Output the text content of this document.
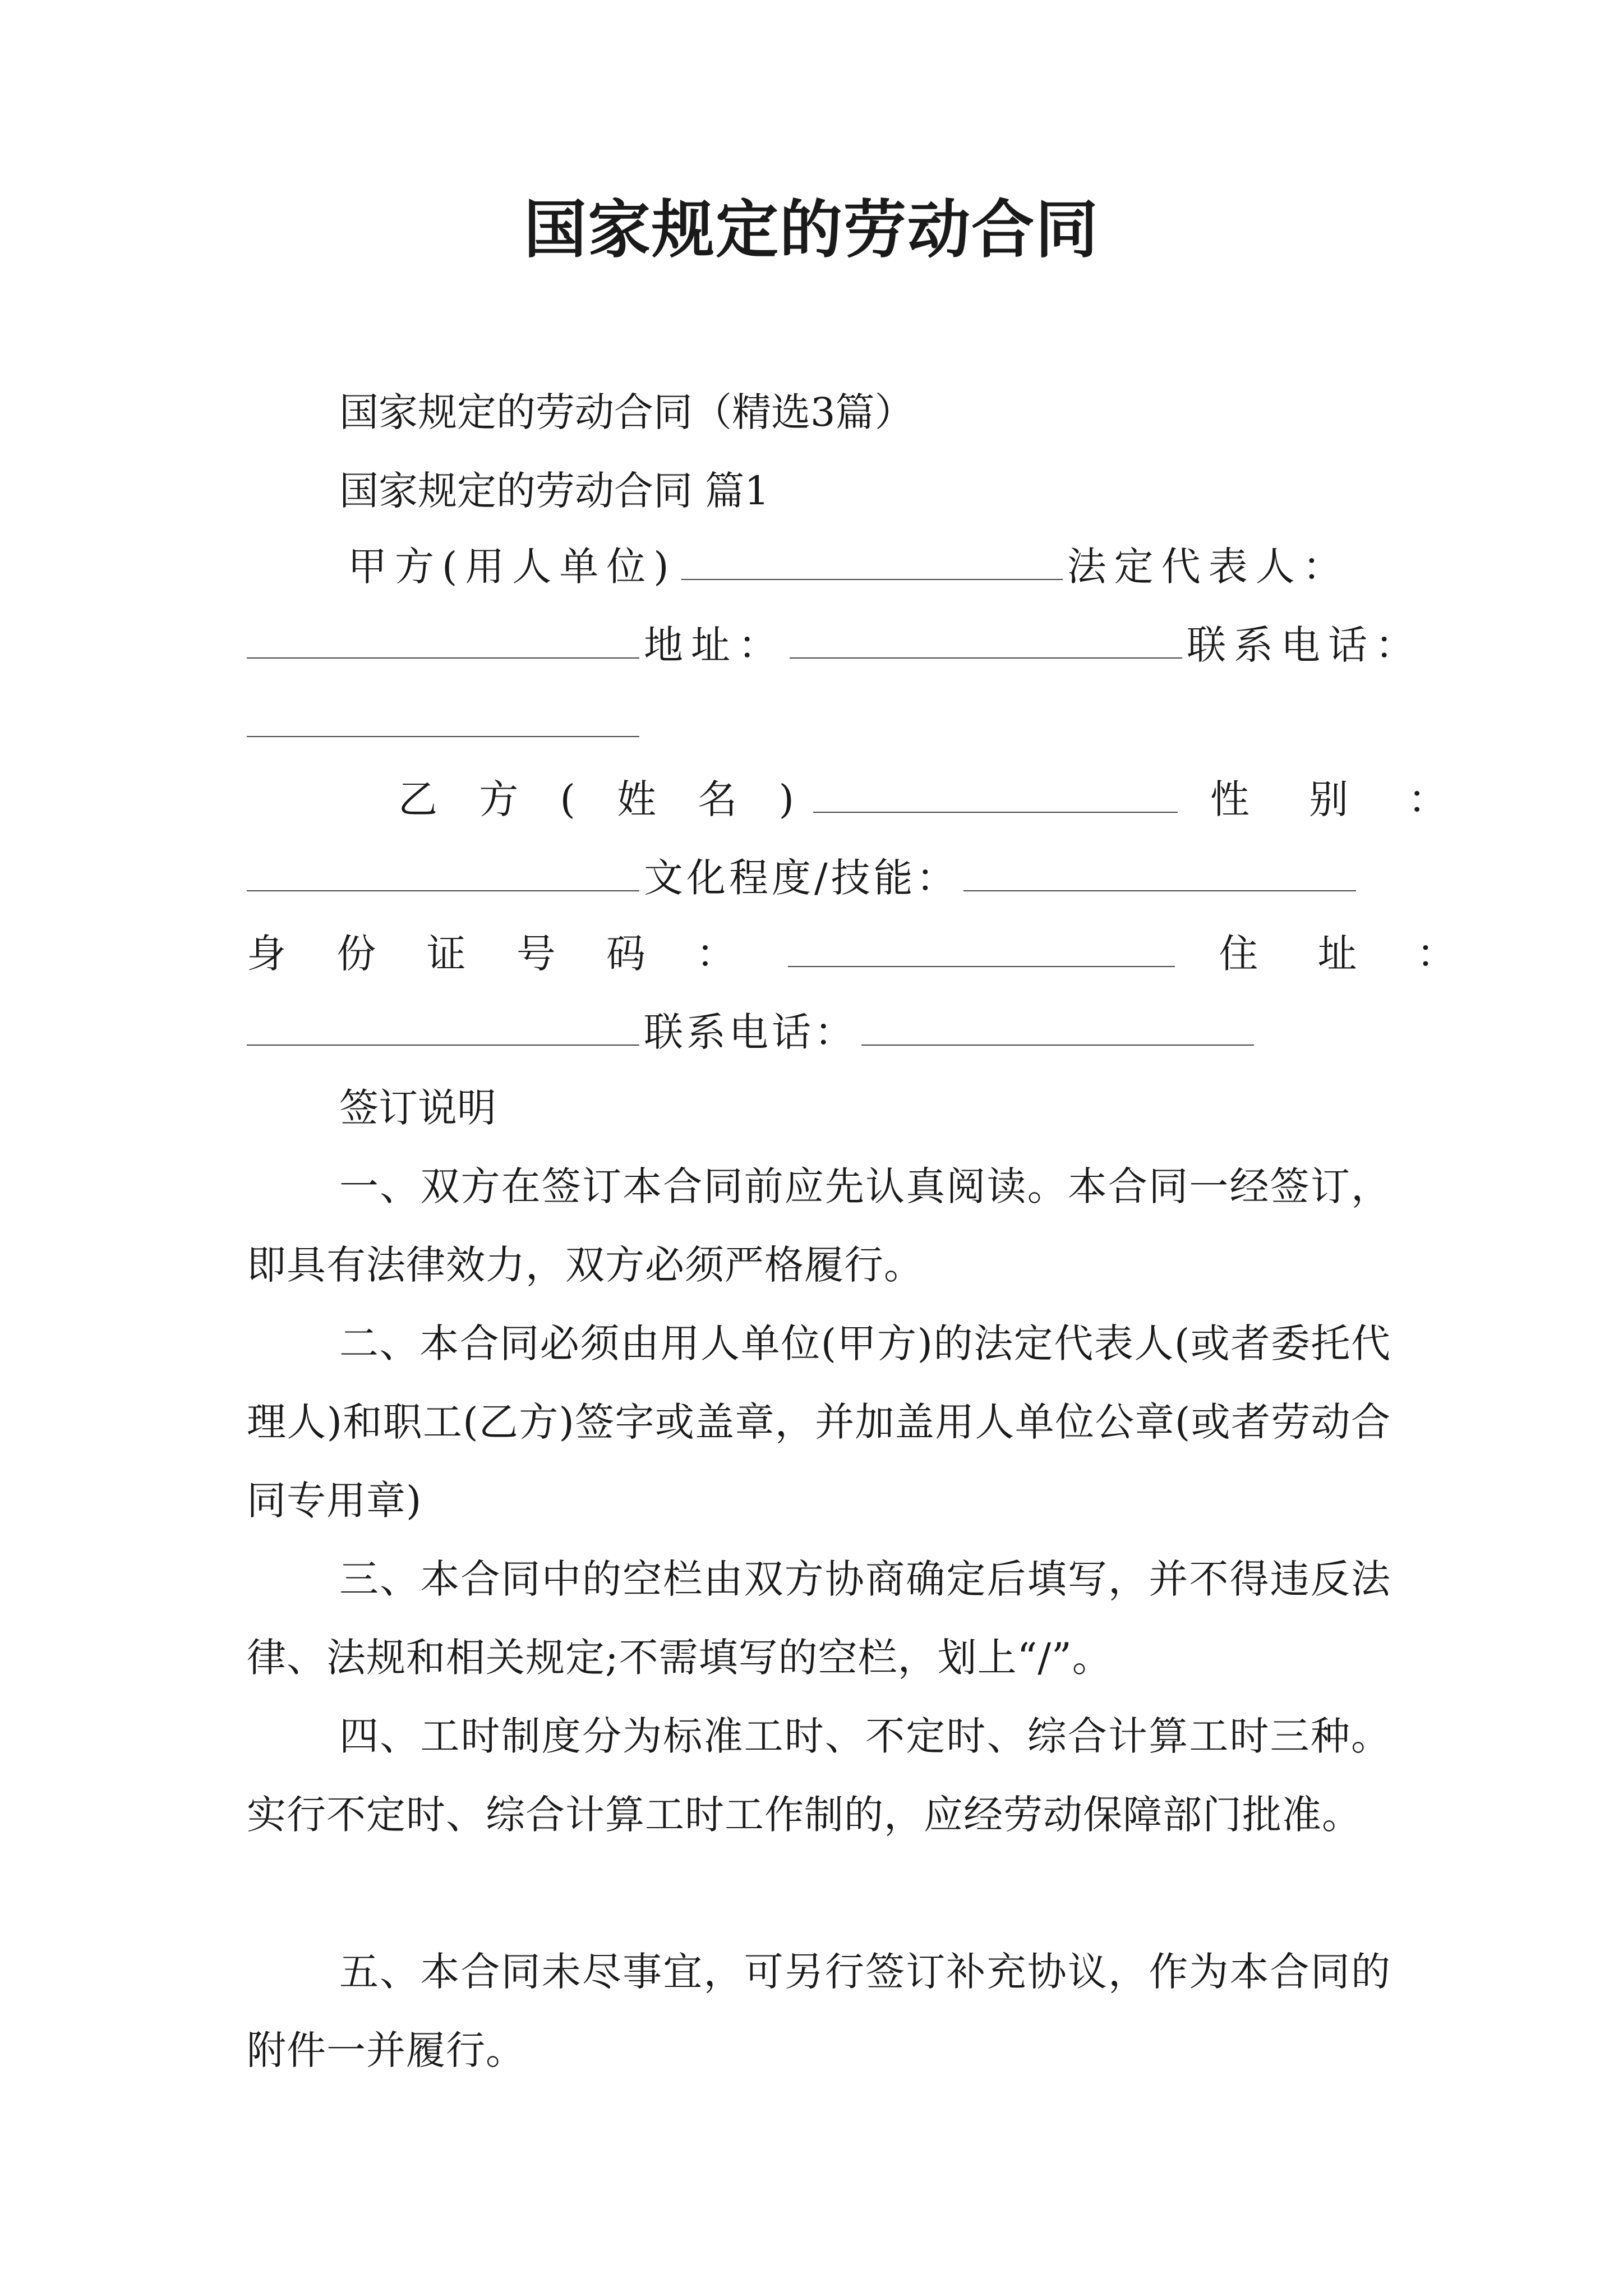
国家规定的劳动合同
国家规定的劳动合同（精选3篇）
国家规定的劳动合同 篇1
甲方(用人单位)	法定代表人：
地址：	联系电话：
乙 方 ( 姓 名 )	性 别 ：
文化程度/技能：
身 份 证 号 码 ：	住 址 ：
联系电话：
签订说明
一、双方在签订本合同前应先认真阅读。本合同一经签订，即具有法律效力，双方必须严格履行。
二、本合同必须由用人单位(甲方)的法定代表人(或者委托代理人)和职工(乙方)签字或盖章，并加盖用人单位公章(或者劳动合同专用章)
三、本合同中的空栏由双方协商确定后填写，并不得违反法律、法规和相关规定;不需填写的空栏，划上“/”。
四、工时制度分为标准工时、不定时、综合计算工时三种。实行不定时、综合计算工时工作制的，应经劳动保障部门批准。
五、本合同未尽事宜，可另行签订补充协议，作为本合同的附件一并履行。
